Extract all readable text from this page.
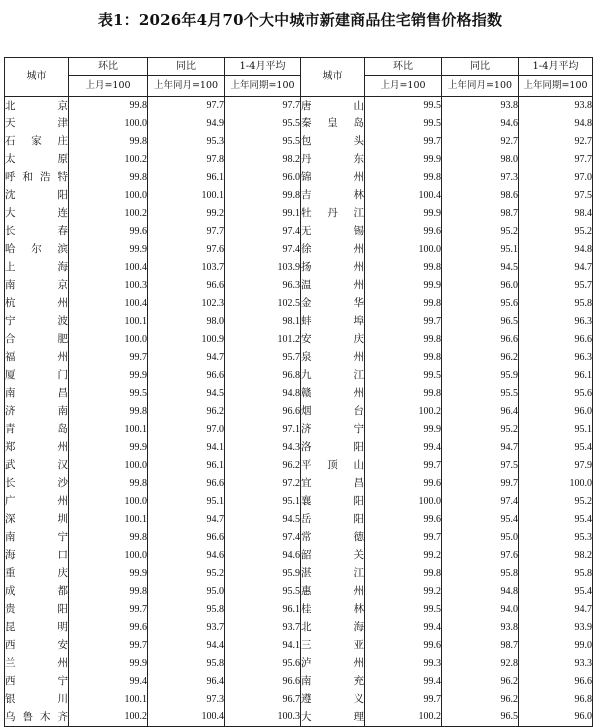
表1：2026年4月70个大中城市新建商品住宅销售价格指数
城市	环比	同比	1-4月平均	城市	环比	同比	1-4月平均
	上月=100	上年同月=100	上年同期=100		上月=100	上年同月=100	上年同期=100
北京	99.8	97.7	97.7	唐山	99.5	93.8	93.8
天津	100.0	94.9	95.5	秦皇岛	99.5	94.6	94.8
石家庄	99.8	95.3	95.5	包头	99.7	92.7	92.7
太原	100.2	97.8	98.2	丹东	99.9	98.0	97.7
呼和浩特	99.8	96.1	96.0	锦州	99.8	97.3	97.0
沈阳	100.0	100.1	99.8	吉林	100.4	98.6	97.5
大连	100.2	99.2	99.1	牡丹江	99.9	98.7	98.4
长春	99.6	97.7	97.4	无锡	99.6	95.2	95.2
哈尔滨	99.9	97.6	97.4	徐州	100.0	95.1	94.8
上海	100.4	103.7	103.9	扬州	99.8	94.5	94.7
南京	100.3	96.6	96.3	温州	99.9	96.0	95.7
杭州	100.4	102.3	102.5	金华	99.8	95.6	95.8
宁波	100.1	98.0	98.1	蚌埠	99.7	96.5	96.3
合肥	100.0	100.9	101.2	安庆	99.8	96.6	96.6
福州	99.7	94.7	95.7	泉州	99.8	96.2	96.3
厦门	99.9	96.6	96.8	九江	99.5	95.9	96.1
南昌	99.5	94.5	94.8	赣州	99.8	95.5	95.6
济南	99.8	96.2	96.6	烟台	100.2	96.4	96.0
青岛	100.1	97.0	97.1	济宁	99.9	95.2	95.1
郑州	99.9	94.1	94.3	洛阳	99.4	94.7	95.4
武汉	100.0	96.1	96.2	平顶山	99.7	97.5	97.9
长沙	99.8	96.6	97.2	宜昌	99.6	99.7	100.0
广州	100.0	95.1	95.1	襄阳	100.0	97.4	95.2
深圳	100.1	94.7	94.5	岳阳	99.6	95.4	95.4
南宁	99.8	96.6	97.4	常德	99.7	95.0	95.3
海口	100.0	94.6	94.6	韶关	99.2	97.6	98.2
重庆	99.9	95.2	95.9	湛江	99.8	95.8	95.8
成都	99.8	95.0	95.5	惠州	99.2	94.8	95.4
贵阳	99.7	95.8	96.1	桂林	99.5	94.0	94.7
昆明	99.6	93.7	93.7	北海	99.4	93.8	93.9
西安	99.7	94.4	94.1	三亚	99.6	98.7	99.0
兰州	99.9	95.8	95.6	泸州	99.3	92.8	93.3
西宁	99.4	96.4	96.6	南充	99.4	96.2	96.6
银川	100.1	97.3	96.7	遵义	99.7	96.2	96.8
乌鲁木齐	100.2	100.4	100.3	大理	100.2	96.5	96.0
